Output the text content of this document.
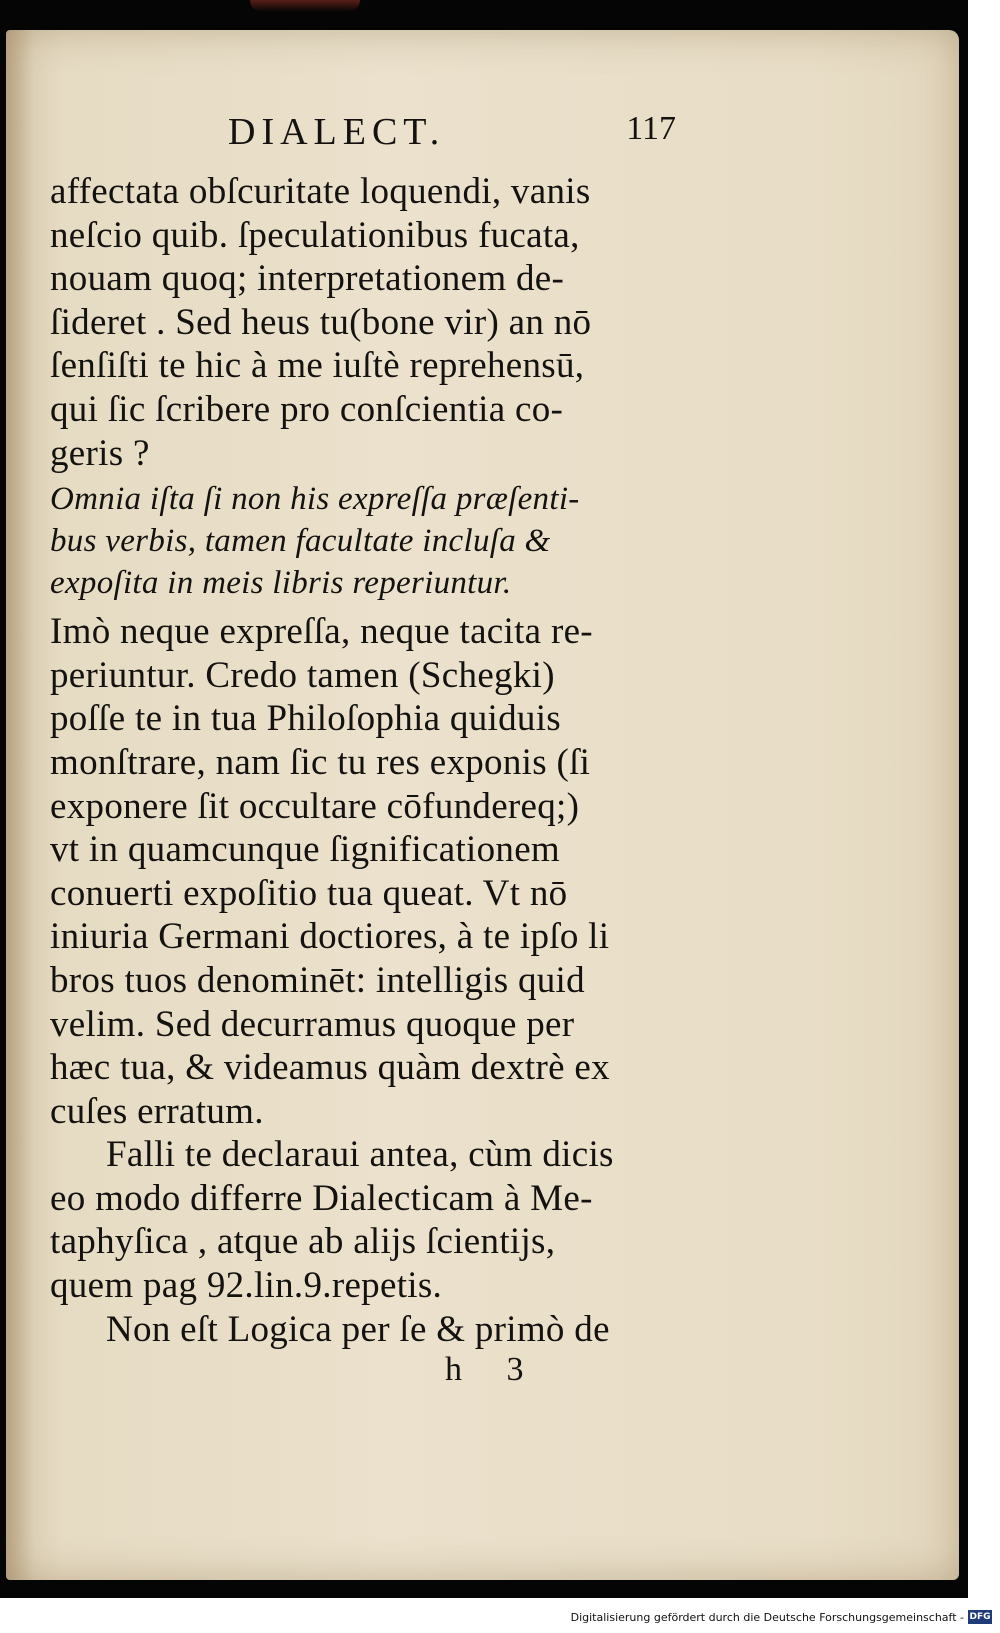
DIALECT.	117
affectata obſcuritate loquendi, vanis
neſcio quib. ſpeculationibus fucata,
nouam quoq; interpretationem de-
ſideret . Sed heus tu(bone vir) an nō
ſenſiſti te hic à me iuſtè reprehensū,
qui ſic ſcribere pro conſcientia co-
geris ?
Omnia iſta ſi non his expreſſa præſenti-
bus verbis, tamen facultate incluſa &
expoſita in meis libris reperiuntur.
Imò neque expreſſa, neque tacita re-
periuntur. Credo tamen (Schegki)
poſſe te in tua Philoſophia quiduis
monſtrare, nam ſic tu res exponis (ſi
exponere ſit occultare cōfundereq;)
vt in quamcunque ſignificationem
conuerti expoſitio tua queat. Vt nō
iniuria Germani doctiores, à te ipſo li
bros tuos denominēt: intelligis quid
velim. Sed decurramus quoque per
hæc tua, & videamus quàm dextrè ex
cuſes erratum.
Falli te declaraui antea, cùm dicis
eo modo differre Dialecticam à Me-
taphyſica , atque ab alijs ſcientijs,
quem pag 92.lin.9.repetis.
Non eſt Logica per ſe & primò de
h 3
Digitalisierung gefördert durch die Deutsche Forschungsgemeinschaft - DFG
